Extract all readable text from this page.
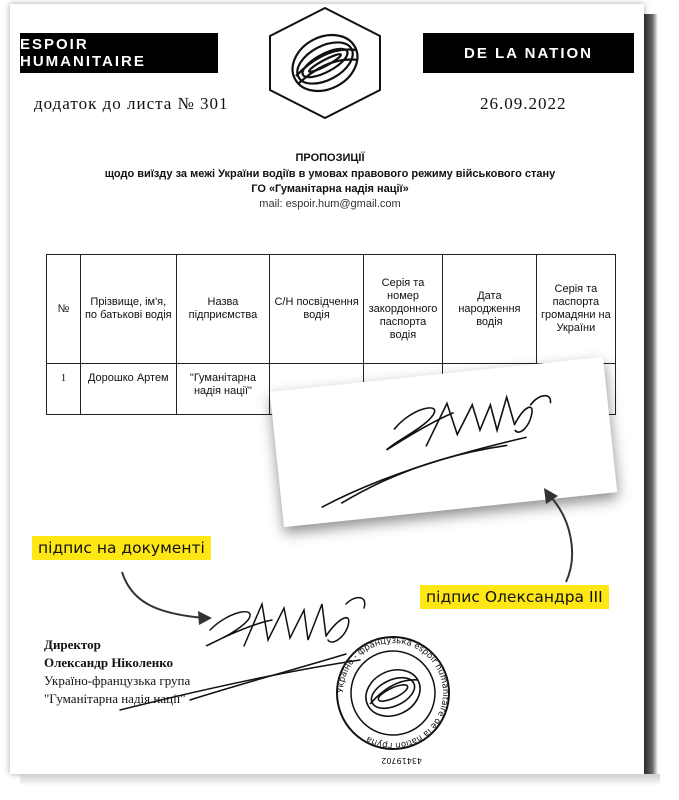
ESPOIR HUMANITAIRE	DE LA NATION
додаток до листа № 301	26.09.2022
ПРОПОЗИЦІЇ
щодо виїзду за межі України водіїв в умовах правового режиму військового стану
ГО «Гуманітарна надія нації»
mail: espoir.hum@gmail.com
№	Прізвище, ім'я, по батькові водія	Назва підприємства	С/Н посвідчення водія	Серія та номер закордонного паспорта водія	Дата народження водія	Серія та паспорта громадяни на України
1	Дорошко Артем	"Гуманітарна надія нації"				
підпис на документі
підпис Олександра ІІІ
Директор
Олександр Ніколенко
Україно-французька група
"Гуманітарна надія нації"
Україно - французька espoir humanitaire de la nation група
43419702
